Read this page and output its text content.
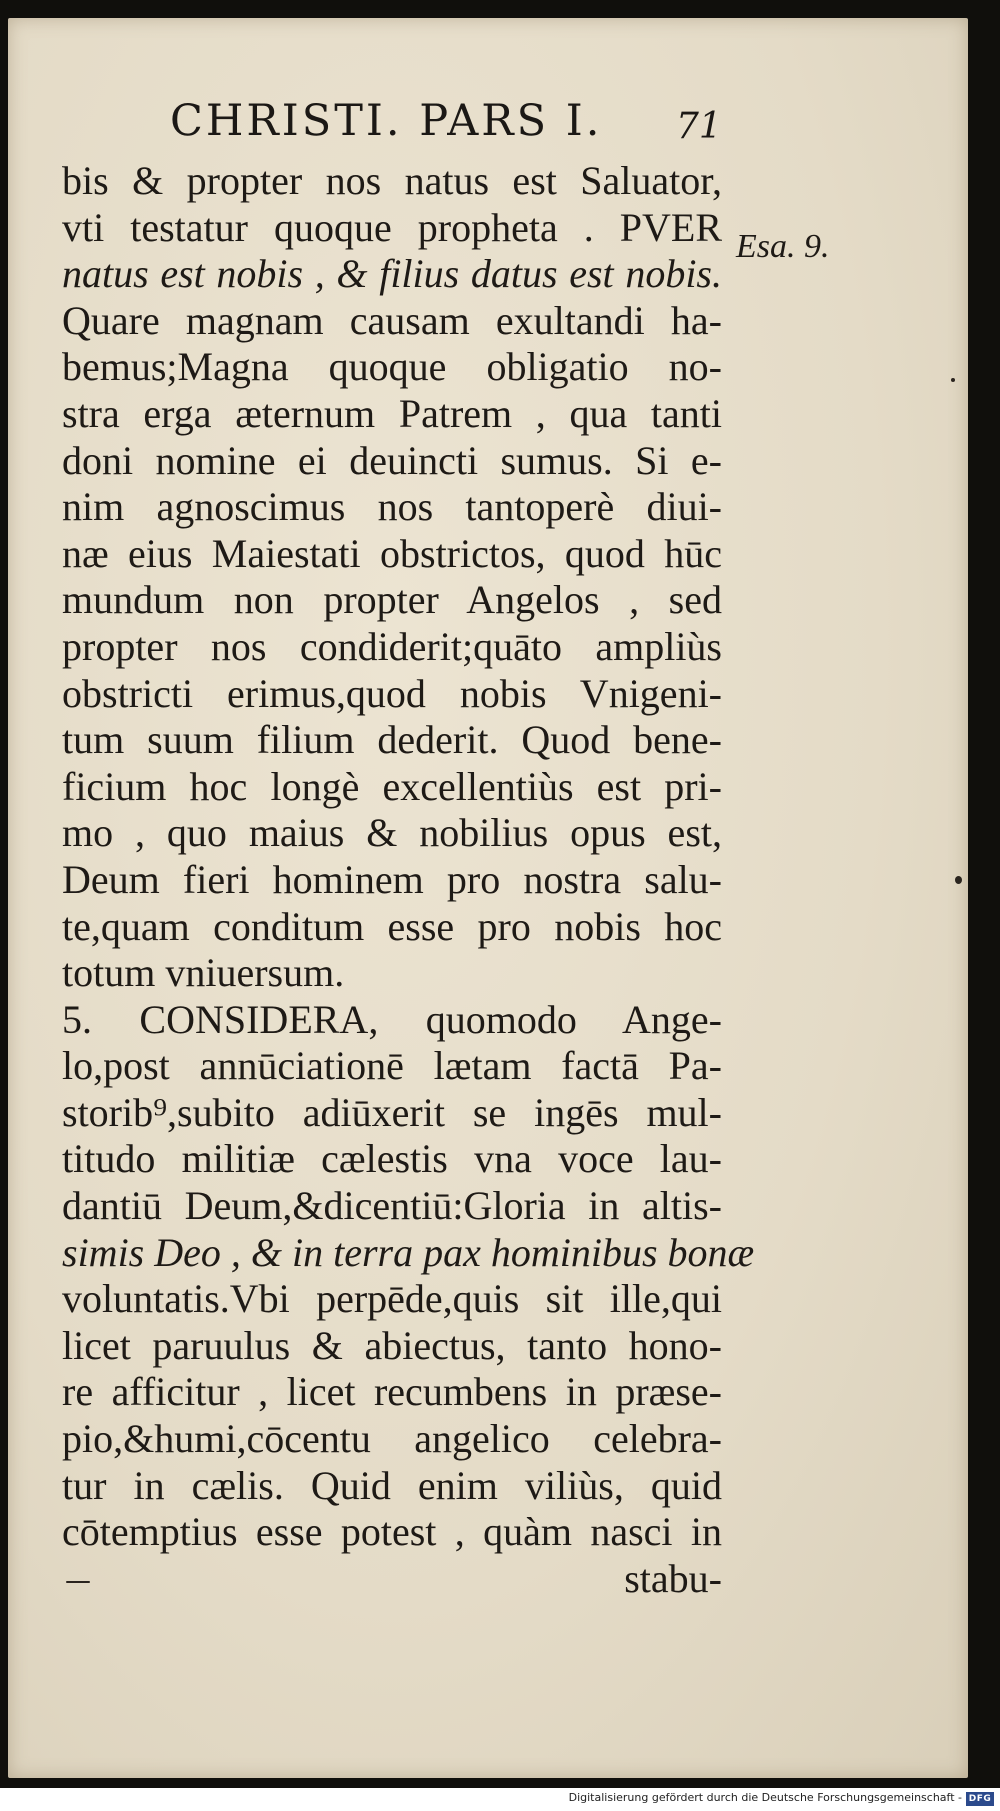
CHRISTI. PARS I. 71
Esa. 9.
bis & propter nos natus est Saluator,
vti testatur quoque propheta . PVER
natus est nobis , & filius datus est nobis.
Quare magnam causam exultandi ha-
bemus;Magna quoque obligatio no-
stra erga æternum Patrem , qua tanti
doni nomine ei deuincti sumus. Si e-
nim agnoscimus nos tantoperè diui-
næ eius Maiestati obstrictos, quod hūc
mundum non propter Angelos , sed
propter nos condiderit;quāto ampliùs
obstricti erimus,quod nobis Vnigeni-
tum suum filium dederit. Quod bene-
ficium hoc longè excellentiùs est pri-
mo , quo maius & nobilius opus est,
Deum fieri hominem pro nostra salu-
te,quam conditum esse pro nobis hoc
totum vniuersum.
5. CONSIDERA, quomodo Ange-
lo,post annūciationē lætam factā Pa-
storib⁹,subito adiūxerit se ingēs mul-
titudo militiæ cælestis vna voce lau-
dantiū Deum,&dicentiū:Gloria in altis-
simis Deo , & in terra pax hominibus bonæ
voluntatis.Vbi perpēde,quis sit ille,qui
licet paruulus & abiectus, tanto hono-
re afficitur , licet recumbens in præse-
pio,&humi,cōcentu angelico celebra-
tur in cælis. Quid enim viliùs, quid
cōtemptius esse potest , quàm nasci in
stabu-
Digitalisierung gefördert durch die Deutsche Forschungsgemeinschaft - DFG
